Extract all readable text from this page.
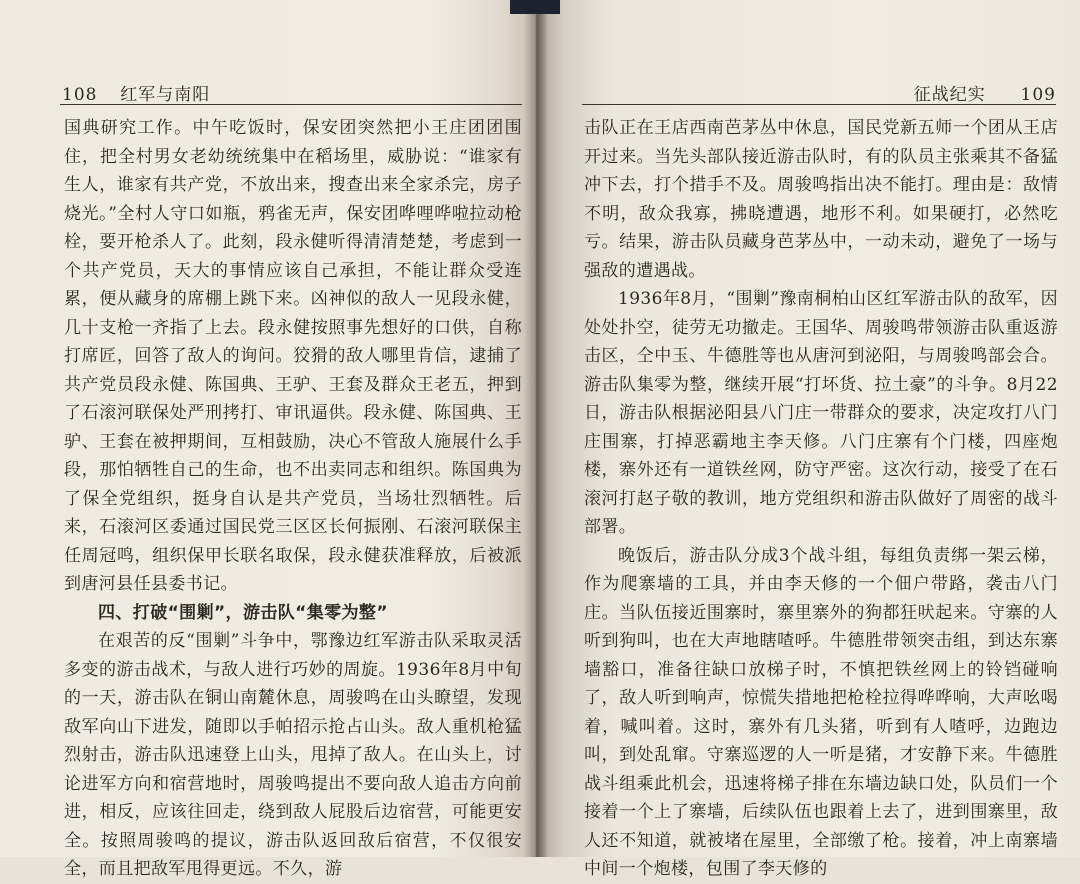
108 红军与南阳

国典研究工作。中午吃饭时，保安团突然把小王庄团团围住，把全村男女老幼统统集中在稻场里，威胁说：“谁家有生人，谁家有共产党，不放出来，搜查出来全家杀完，房子烧光。”全村人守口如瓶，鸦雀无声，保安团哗哩哗啦拉动枪栓，要开枪杀人了。此刻，段永健听得清清楚楚，考虑到一个共产党员，天大的事情应该自己承担，不能让群众受连累，便从藏身的席棚上跳下来。凶神似的敌人一见段永健，几十支枪一齐指了上去。段永健按照事先想好的口供，自称打席匠，回答了敌人的询问。狡猾的敌人哪里肯信，逮捕了共产党员段永健、陈国典、王驴、王套及群众王老五，押到了石滚河联保处严刑拷打、审讯逼供。段永健、陈国典、王驴、王套在被押期间，互相鼓励，决心不管敌人施展什么手段，那怕牺牲自己的生命，也不出卖同志和组织。陈国典为了保全党组织，挺身自认是共产党员，当场壮烈牺牲。后来，石滚河区委通过国民党三区区长何振刚、石滚河联保主任周冠鸣，组织保甲长联名取保，段永健获准释放，后被派到唐河县任县委书记。

四、打破“围剿”，游击队“集零为整”

在艰苦的反“围剿”斗争中，鄂豫边红军游击队采取灵活多变的游击战术，与敌人进行巧妙的周旋。1936年8月中旬的一天，游击队在铜山南麓休息，周骏鸣在山头瞭望，发现敌军向山下进发，随即以手帕招示抢占山头。敌人重机枪猛烈射击，游击队迅速登上山头，甩掉了敌人。在山头上，讨论进军方向和宿营地时，周骏鸣提出不要向敌人追击方向前进，相反，应该往回走，绕到敌人屁股后边宿营，可能更安全。按照周骏鸣的提议，游击队返回敌后宿营，不仅很安全，而且把敌军甩得更远。不久，游

征战纪实 109

击队正在王店西南芭茅丛中休息，国民党新五师一个团从王店开过来。当先头部队接近游击队时，有的队员主张乘其不备猛冲下去，打个措手不及。周骏鸣指出决不能打。理由是：敌情不明，敌众我寡，拂晓遭遇，地形不利。如果硬打，必然吃亏。结果，游击队员藏身芭茅丛中，一动未动，避免了一场与强敌的遭遇战。

1936年8月，“围剿”豫南桐柏山区红军游击队的敌军，因处处扑空，徒劳无功撤走。王国华、周骏鸣带领游击队重返游击区，仝中玉、牛德胜等也从唐河到泌阳，与周骏鸣部会合。游击队集零为整，继续开展“打坏货、拉土豪”的斗争。8月22日，游击队根据泌阳县八门庄一带群众的要求，决定攻打八门庄围寨，打掉恶霸地主李天修。八门庄寨有个门楼，四座炮楼，寨外还有一道铁丝网，防守严密。这次行动，接受了在石滚河打赵子敬的教训，地方党组织和游击队做好了周密的战斗部署。

晚饭后，游击队分成3个战斗组，每组负责绑一架云梯，作为爬寨墙的工具，并由李天修的一个佃户带路，袭击八门庄。当队伍接近围寨时，寨里寨外的狗都狂吠起来。守寨的人听到狗叫，也在大声地瞎喳呼。牛德胜带领突击组，到达东寨墙豁口，准备往缺口放梯子时，不慎把铁丝网上的铃铛碰响了，敌人听到响声，惊慌失措地把枪栓拉得哗哗响，大声吆喝着，喊叫着。这时，寨外有几头猪，听到有人喳呼，边跑边叫，到处乱窜。守寨巡逻的人一听是猪，才安静下来。牛德胜战斗组乘此机会，迅速将梯子排在东墙边缺口处，队员们一个接着一个上了寨墙，后续队伍也跟着上去了，进到围寨里，敌人还不知道，就被堵在屋里，全部缴了枪。接着，冲上南寨墙中间一个炮楼，包围了李天修的
